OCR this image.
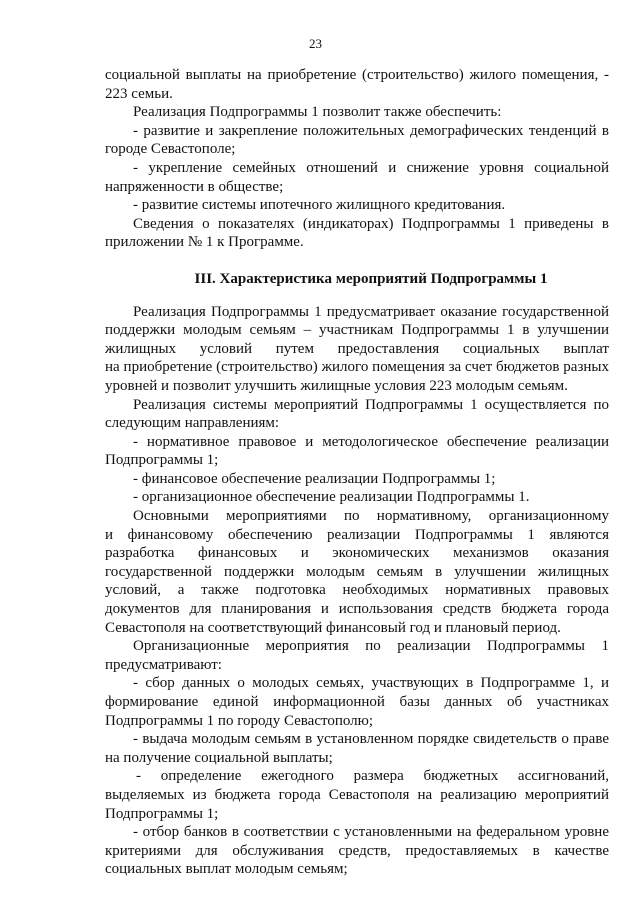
23
социальной выплаты на приобретение (строительство) жилого помещения, -
223 семьи.
Реализация Подпрограммы 1 позволит также обеспечить:
- развитие и закрепление положительных демографических тенденций в
городе Севастополе;
- укрепление семейных отношений и снижение уровня социальной
напряженности в обществе;
- развитие системы ипотечного жилищного кредитования.
Сведения о показателях (индикаторах) Подпрограммы 1 приведены в
приложении № 1 к Программе.
III. Характеристика мероприятий Подпрограммы 1
Реализация Подпрограммы 1 предусматривает оказание государственной
поддержки молодым семьям – участникам Подпрограммы 1 в улучшении
жилищных условий путем предоставления социальных выплат
на приобретение (строительство) жилого помещения за счет бюджетов разных
уровней и позволит улучшить жилищные условия 223 молодым семьям.
Реализация системы мероприятий Подпрограммы 1 осуществляется по
следующим направлениям:
- нормативное правовое и методологическое обеспечение реализации
Подпрограммы 1;
- финансовое обеспечение реализации Подпрограммы 1;
- организационное обеспечение реализации Подпрограммы 1.
Основными мероприятиями по нормативному, организационному
и финансовому обеспечению реализации Подпрограммы 1 являются
разработка финансовых и экономических механизмов оказания
государственной поддержки молодым семьям в улучшении жилищных
условий, а также подготовка необходимых нормативных правовых
документов для планирования и использования средств бюджета города
Севастополя на соответствующий финансовый год и плановый период.
Организационные мероприятия по реализации Подпрограммы 1
предусматривают:
- сбор данных о молодых семьях, участвующих в Подпрограмме 1, и
формирование единой информационной базы данных об участниках
Подпрограммы 1 по городу Севастополю;
- выдача молодым семьям в установленном порядке свидетельств о праве
на получение социальной выплаты;
- определение ежегодного размера бюджетных ассигнований,
выделяемых из бюджета города Севастополя на реализацию мероприятий
Подпрограммы 1;
- отбор банков в соответствии с установленными на федеральном уровне
критериями для обслуживания средств, предоставляемых в качестве
социальных выплат молодым семьям;
